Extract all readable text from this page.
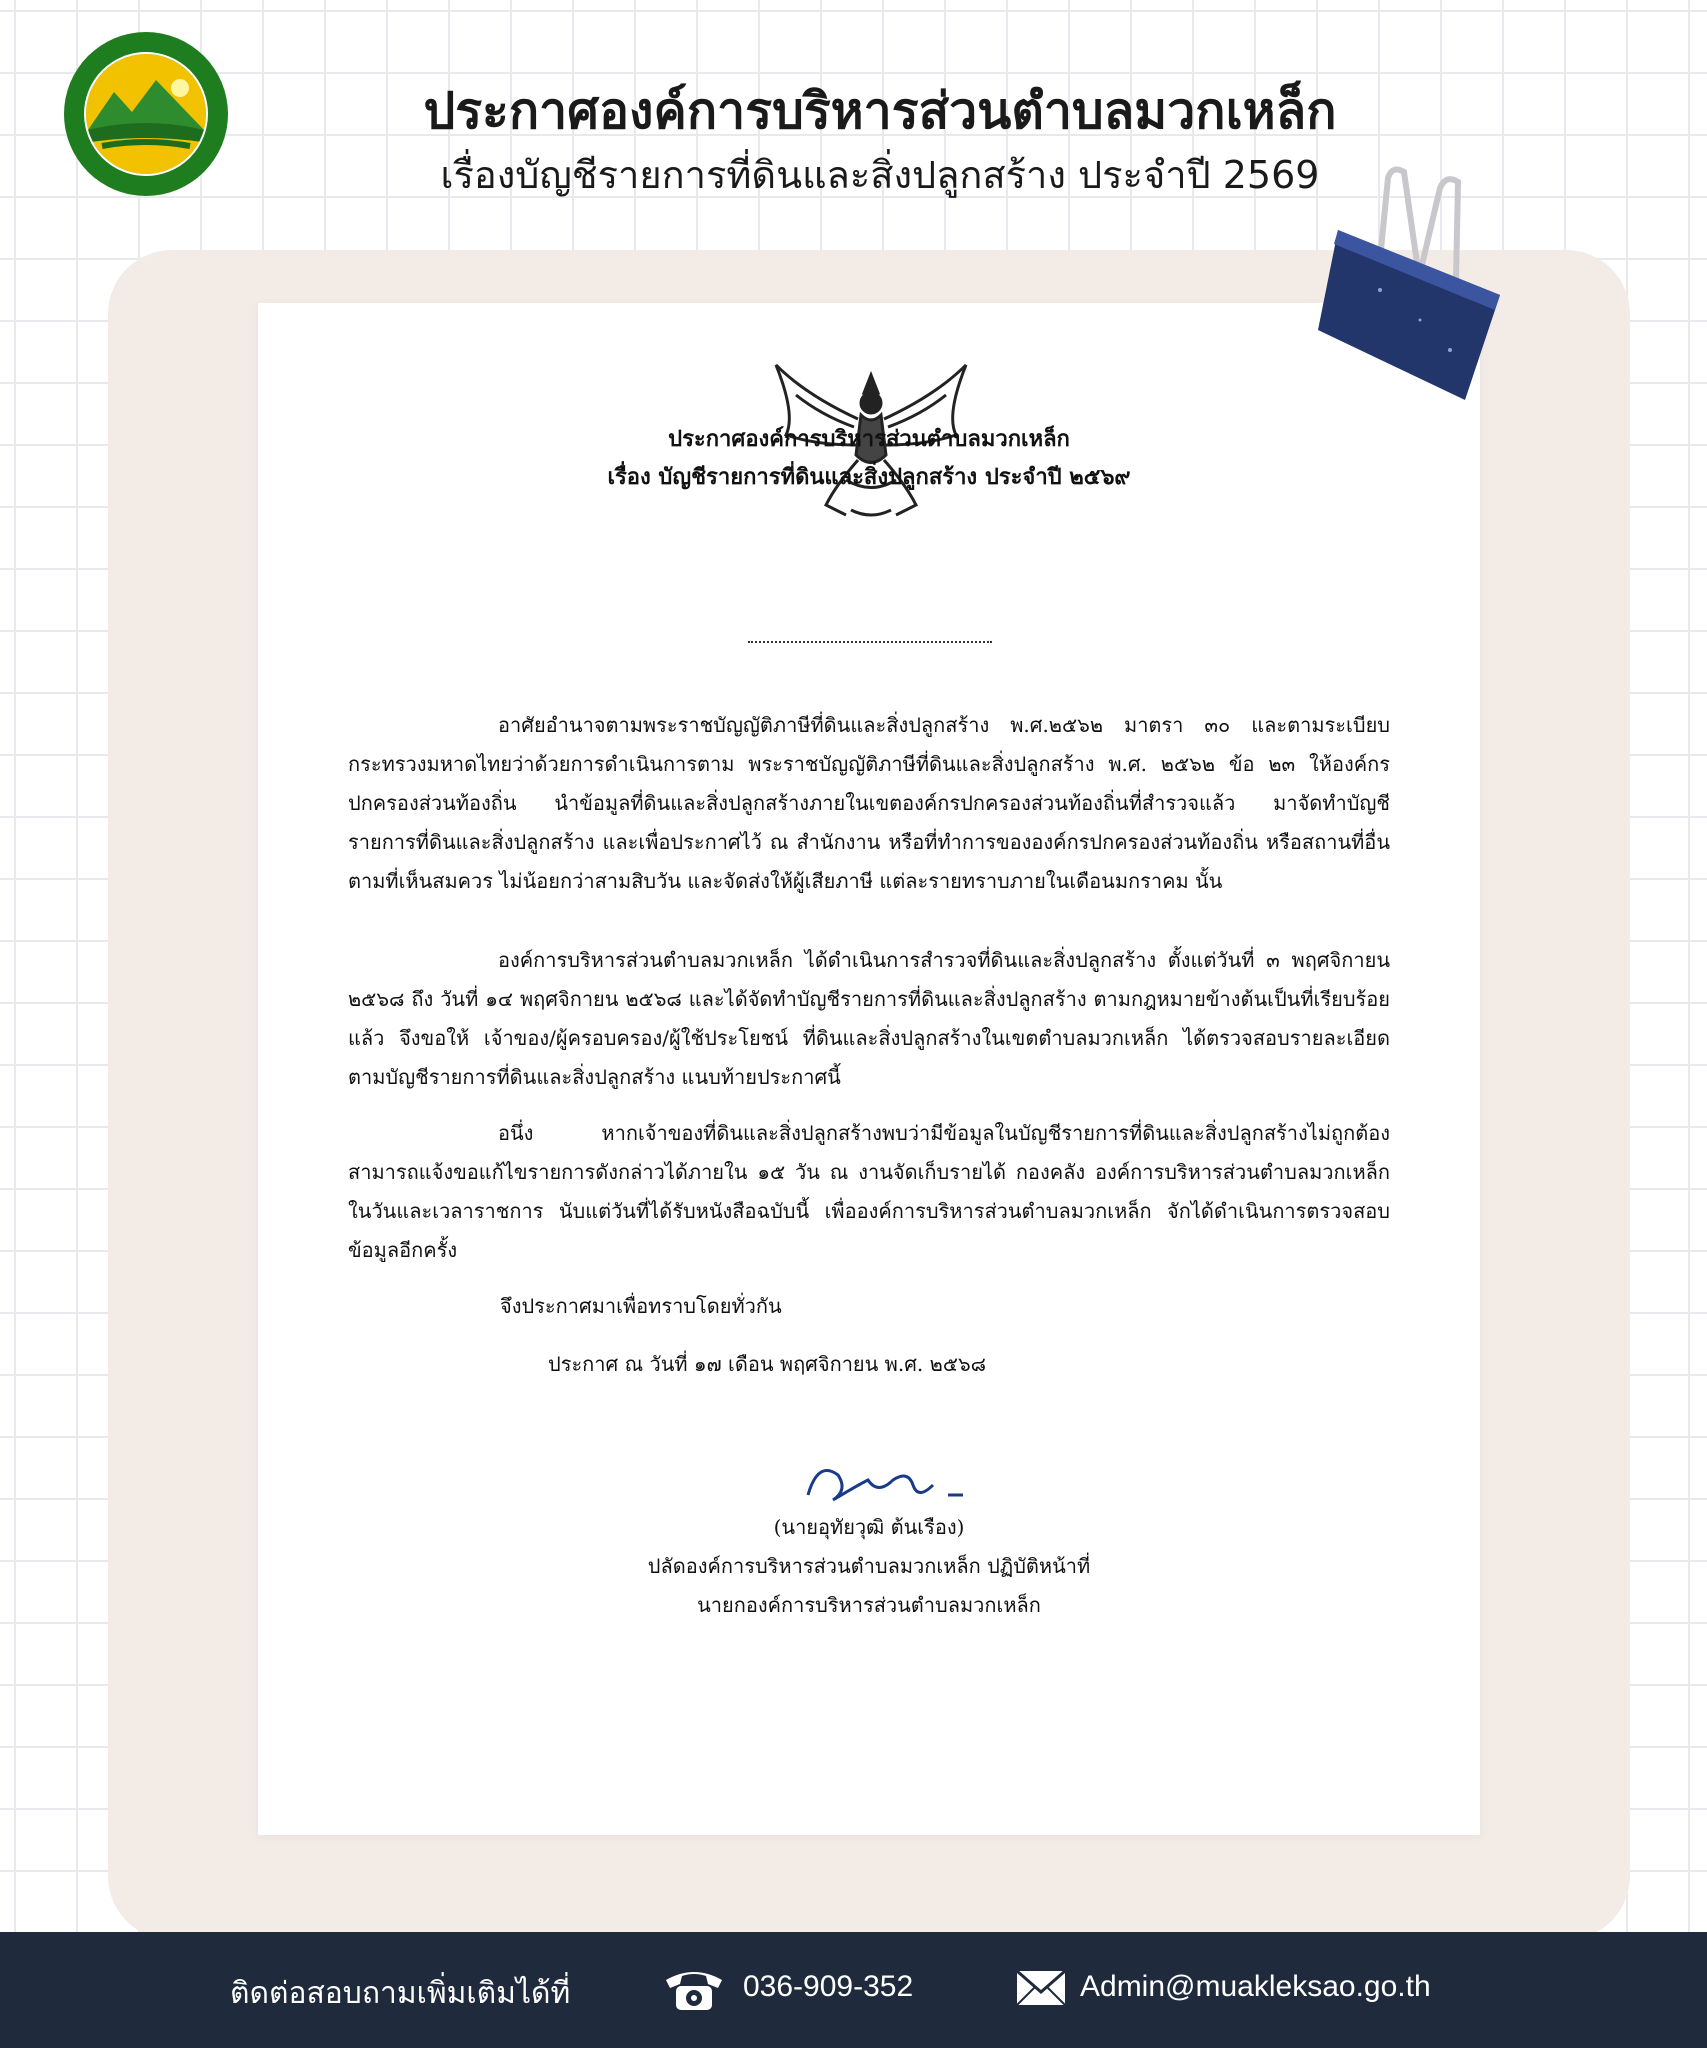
ประกาศองค์การบริหารส่วนตำบลมวกเหล็ก
เรื่องบัญชีรายการที่ดินและสิ่งปลูกสร้าง ประจำปี 2569
ประกาศองค์การบริหารส่วนตำบลมวกเหล็ก
เรื่อง บัญชีรายการที่ดินและสิ่งปลูกสร้าง ประจำปี ๒๕๖๙

อาศัยอำนาจตามพระราชบัญญัติภาษีที่ดินและสิ่งปลูกสร้าง พ.ศ.๒๕๖๒ มาตรา ๓๐ และตามระเบียบกระทรวงมหาดไทยว่าด้วยการดำเนินการตาม พระราชบัญญัติภาษีที่ดินและสิ่งปลูกสร้าง พ.ศ. ๒๕๖๒ ข้อ ๒๓ ให้องค์กรปกครองส่วนท้องถิ่น นำข้อมูลที่ดินและสิ่งปลูกสร้างภายในเขตองค์กรปกครองส่วนท้องถิ่นที่สำรวจแล้ว มาจัดทำบัญชีรายการที่ดินและสิ่งปลูกสร้าง และเพื่อประกาศไว้ ณ สำนักงาน หรือที่ทำการขององค์กรปกครองส่วนท้องถิ่น หรือสถานที่อื่นตามที่เห็นสมควร ไม่น้อยกว่าสามสิบวัน และจัดส่งให้ผู้เสียภาษี แต่ละรายทราบภายในเดือนมกราคม นั้น

องค์การบริหารส่วนตำบลมวกเหล็ก ได้ดำเนินการสำรวจที่ดินและสิ่งปลูกสร้าง ตั้งแต่วันที่ ๓ พฤศจิกายน ๒๕๖๘ ถึง วันที่ ๑๔ พฤศจิกายน ๒๕๖๘ และได้จัดทำบัญชีรายการที่ดินและสิ่งปลูกสร้าง ตามกฎหมายข้างต้นเป็นที่เรียบร้อยแล้ว จึงขอให้ เจ้าของ/ผู้ครอบครอง/ผู้ใช้ประโยชน์ ที่ดินและสิ่งปลูกสร้างในเขตตำบลมวกเหล็ก ได้ตรวจสอบรายละเอียดตามบัญชีรายการที่ดินและสิ่งปลูกสร้าง แนบท้ายประกาศนี้

อนึ่ง หากเจ้าของที่ดินและสิ่งปลูกสร้างพบว่ามีข้อมูลในบัญชีรายการที่ดินและสิ่งปลูกสร้างไม่ถูกต้อง สามารถแจ้งขอแก้ไขรายการดังกล่าวได้ภายใน ๑๕ วัน ณ งานจัดเก็บรายได้ กองคลัง องค์การบริหารส่วนตำบลมวกเหล็ก ในวันและเวลาราชการ นับแต่วันที่ได้รับหนังสือฉบับนี้ เพื่อองค์การบริหารส่วนตำบลมวกเหล็ก จักได้ดำเนินการตรวจสอบข้อมูลอีกครั้ง

จึงประกาศมาเพื่อทราบโดยทั่วกัน
ประกาศ ณ วันที่ ๑๗ เดือน พฤศจิกายน พ.ศ. ๒๕๖๘
(นายอุทัยวุฒิ ต้นเรือง)
ปลัดองค์การบริหารส่วนตำบลมวกเหล็ก ปฏิบัติหน้าที่
นายกองค์การบริหารส่วนตำบลมวกเหล็ก
ติดต่อสอบถามเพิ่มเติมได้ที่	036-909-352	Admin@muakleksao.go.th
